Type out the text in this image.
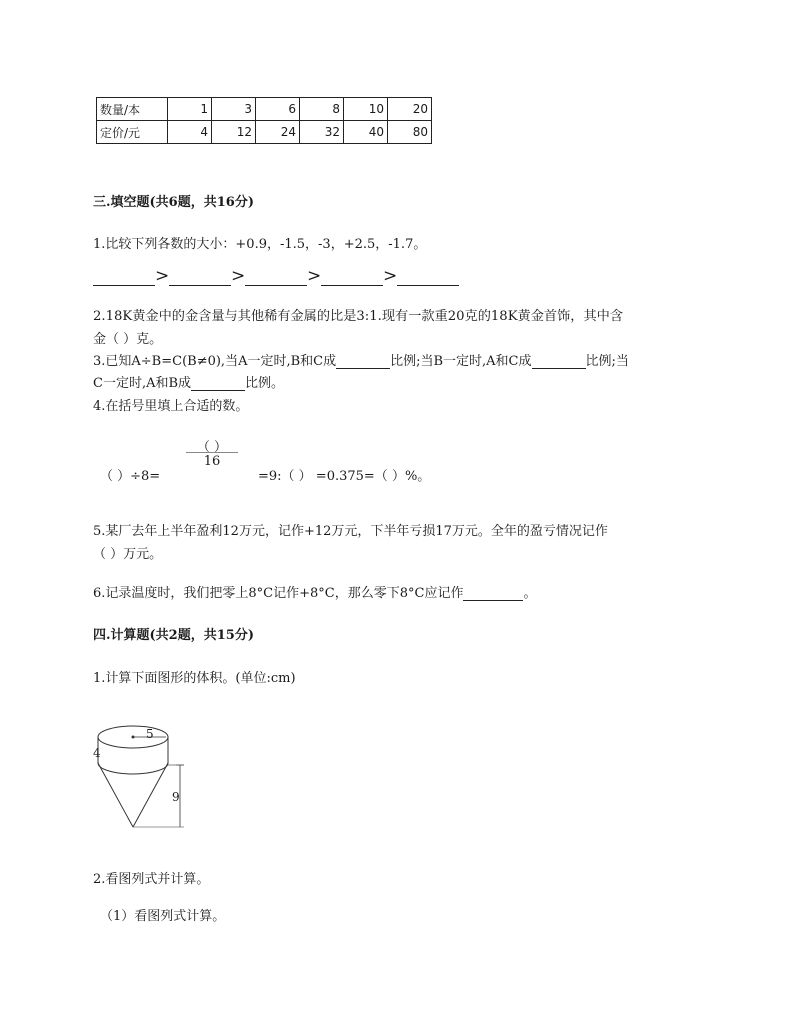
数量/本	1	3	6	8	10	20
定价/元	4	12	24	32	40	80
三.填空题(共6题，共16分)
1.比较下列各数的大小：+0.9，-1.5，-3，+2.5，-1.7。
>	>	>	>
2.18K黄金中的金含量与其他稀有金属的比是3:1.现有一款重20克的18K黄金首饰，其中含
金（ ）克。
3.已知A÷B=C(B≠0),当A一定时,B和C成	比例;当B一定时,A和C成	比例;当
C一定时,A和B成	比例。
4.在括号里填上合适的数。
（ ）
16
（ ）÷8=	=9:（ ） =0.375=（ ）%。
5.某厂去年上半年盈利12万元，记作+12万元，下半年亏损17万元。全年的盈亏情况记作
（ ）万元。
6.记录温度时，我们把零上8°C记作+8°C，那么零下8°C应记作	。
四.计算题(共2题，共15分)
1.计算下面图形的体积。(单位:cm)
5
4
9
2.看图列式并计算。
（1）看图列式计算。
